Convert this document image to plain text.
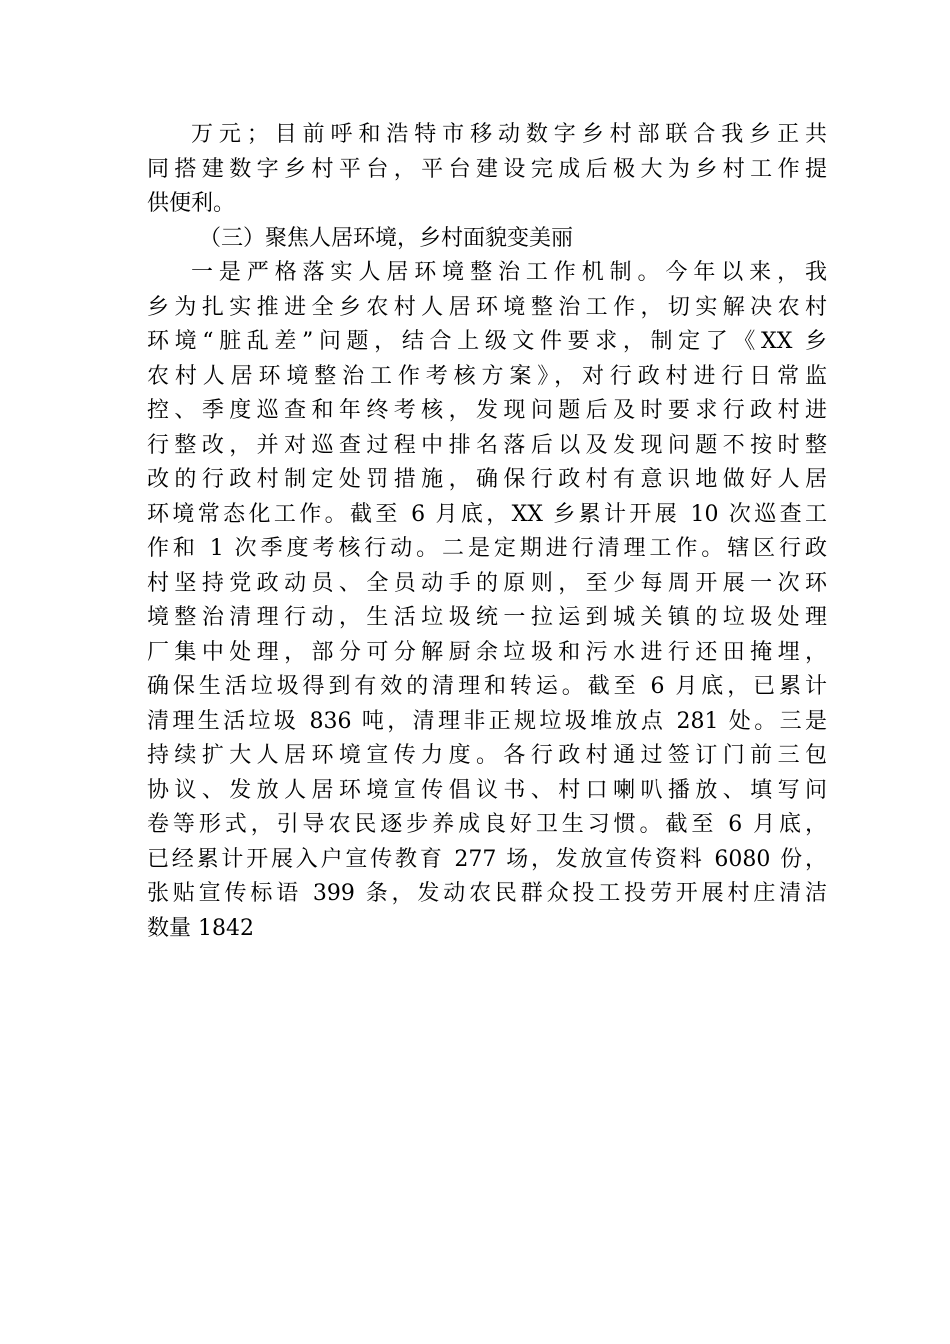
万元；目前呼和浩特市移动数字乡村部联合我乡正共
同搭建数字乡村平台，平台建设完成后极大为乡村工作提
供便利。
（三）聚焦人居环境，乡村面貌变美丽
一是严格落实人居环境整治工作机制。今年以来，我
乡为扎实推进全乡农村人居环境整治工作，切实解决农村
环境“脏乱差”问题，结合上级文件要求，制定了《XX 乡
农村人居环境整治工作考核方案》，对行政村进行日常监
控、季度巡查和年终考核，发现问题后及时要求行政村进
行整改，并对巡查过程中排名落后以及发现问题不按时整
改的行政村制定处罚措施，确保行政村有意识地做好人居
环境常态化工作。截至 6 月底，XX 乡累计开展 10 次巡查工
作和 1 次季度考核行动。二是定期进行清理工作。辖区行政
村坚持党政动员、全员动手的原则，至少每周开展一次环
境整治清理行动，生活垃圾统一拉运到城关镇的垃圾处理
厂集中处理，部分可分解厨余垃圾和污水进行还田掩埋，
确保生活垃圾得到有效的清理和转运。截至 6 月底，已累计
清理生活垃圾 836 吨，清理非正规垃圾堆放点 281 处。三是
持续扩大人居环境宣传力度。各行政村通过签订门前三包
协议、发放人居环境宣传倡议书、村口喇叭播放、填写问
卷等形式，引导农民逐步养成良好卫生习惯。截至 6 月底，
已经累计开展入户宣传教育 277 场，发放宣传资料 6080 份，
张贴宣传标语 399 条，发动农民群众投工投劳开展村庄清洁
数量 1842
